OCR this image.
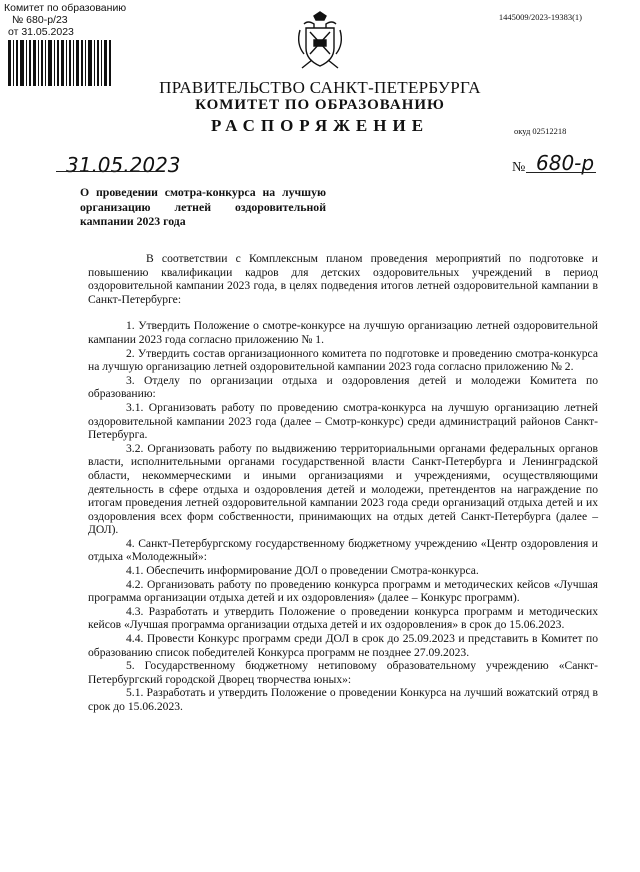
Комитет по образованию
№ 680-р/23
от 31.05.2023
1445009/2023-19383(1)
ПРАВИТЕЛЬСТВО САНКТ-ПЕТЕРБУРГА
КОМИТЕТ ПО ОБРАЗОВАНИЮ
РАСПОРЯЖЕНИЕ	окуд 02512218
31.05.2023	№ 680-р
О проведении смотра-конкурса на лучшую организацию летней оздоровительной кампании 2023 года

В соответствии с Комплексным планом проведения мероприятий по подготовке и повышению квалификации кадров для детских оздоровительных учреждений в период оздоровительной кампании 2023 года, в целях подведения итогов летней оздоровительной кампании в Санкт-Петербурге:

1. Утвердить Положение о смотре-конкурсе на лучшую организацию летней оздоровительной кампании 2023 года согласно приложению № 1.

2. Утвердить состав организационного комитета по подготовке и проведению смотра-конкурса на лучшую организацию летней оздоровительной кампании 2023 года согласно приложению № 2.

3. Отделу по организации отдыха и оздоровления детей и молодежи Комитета по образованию:

3.1. Организовать работу по проведению смотра-конкурса на лучшую организацию летней оздоровительной кампании 2023 года (далее – Смотр-конкурс) среди администраций районов Санкт-Петербурга.

3.2. Организовать работу по выдвижению территориальными органами федеральных органов власти, исполнительными органами государственной власти Санкт-Петербурга и Ленинградской области, некоммерческими и иными организациями и учреждениями, осуществляющими деятельность в сфере отдыха и оздоровления детей и молодежи, претендентов на награждение по итогам проведения летней оздоровительной кампании 2023 года среди организаций отдыха детей и их оздоровления всех форм собственности, принимающих на отдых детей Санкт-Петербурга (далее – ДОЛ).

4. Санкт-Петербургскому государственному бюджетному учреждению «Центр оздоровления и отдыха «Молодежный»:

4.1. Обеспечить информирование ДОЛ о проведении Смотра-конкурса.

4.2. Организовать работу по проведению конкурса программ и методических кейсов «Лучшая программа организации отдыха детей и их оздоровления» (далее – Конкурс программ).

4.3. Разработать и утвердить Положение о проведении конкурса программ и методических кейсов «Лучшая программа организации отдыха детей и их оздоровления» в срок до 15.06.2023.

4.4. Провести Конкурс программ среди ДОЛ в срок до 25.09.2023 и представить в Комитет по образованию список победителей Конкурса программ не позднее 27.09.2023.

5. Государственному бюджетному нетиповому образовательному учреждению «Санкт-Петербургский городской Дворец творчества юных»:

5.1. Разработать и утвердить Положение о проведении Конкурса на лучший вожатский отряд в срок до 15.06.2023.
